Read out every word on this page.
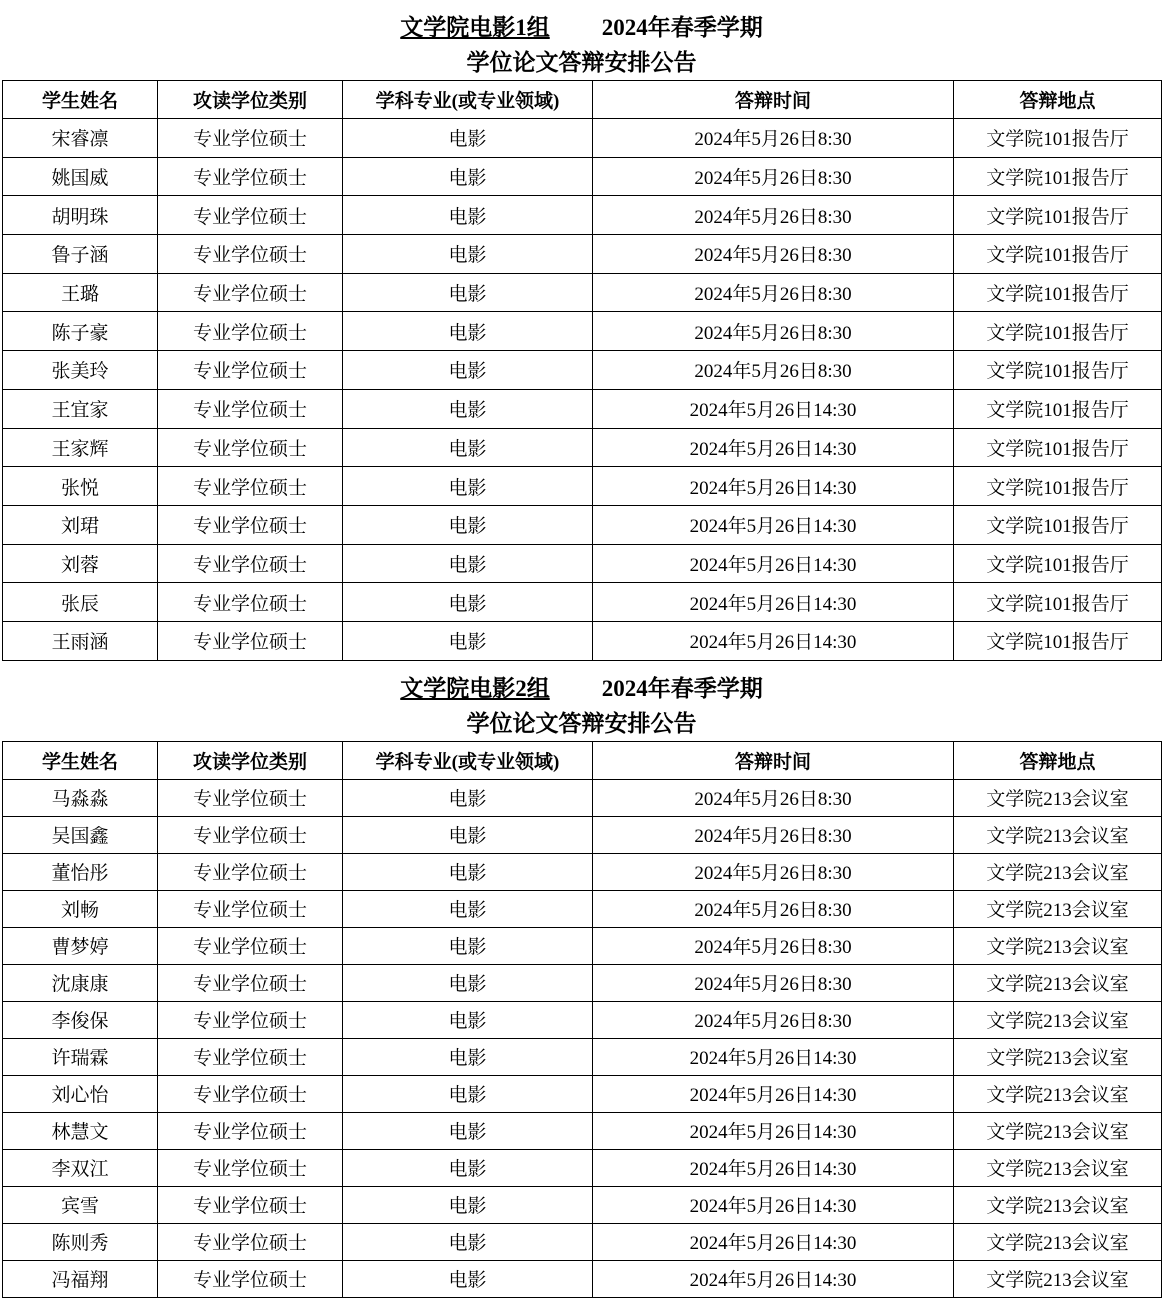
文学院电影1组 2024年春季学期
学位论文答辩安排公告
学生姓名	攻读学位类别	学科专业(或专业领域)	答辩时间	答辩地点
宋睿凛	专业学位硕士	电影	2024年5月26日8:30	文学院101报告厅
姚国威	专业学位硕士	电影	2024年5月26日8:30	文学院101报告厅
胡明珠	专业学位硕士	电影	2024年5月26日8:30	文学院101报告厅
鲁子涵	专业学位硕士	电影	2024年5月26日8:30	文学院101报告厅
王璐	专业学位硕士	电影	2024年5月26日8:30	文学院101报告厅
陈子豪	专业学位硕士	电影	2024年5月26日8:30	文学院101报告厅
张美玲	专业学位硕士	电影	2024年5月26日8:30	文学院101报告厅
王宜家	专业学位硕士	电影	2024年5月26日14:30	文学院101报告厅
王家辉	专业学位硕士	电影	2024年5月26日14:30	文学院101报告厅
张悦	专业学位硕士	电影	2024年5月26日14:30	文学院101报告厅
刘珺	专业学位硕士	电影	2024年5月26日14:30	文学院101报告厅
刘蓉	专业学位硕士	电影	2024年5月26日14:30	文学院101报告厅
张辰	专业学位硕士	电影	2024年5月26日14:30	文学院101报告厅
王雨涵	专业学位硕士	电影	2024年5月26日14:30	文学院101报告厅
文学院电影2组 2024年春季学期
学位论文答辩安排公告
学生姓名	攻读学位类别	学科专业(或专业领域)	答辩时间	答辩地点
马淼淼	专业学位硕士	电影	2024年5月26日8:30	文学院213会议室
吴国鑫	专业学位硕士	电影	2024年5月26日8:30	文学院213会议室
董怡彤	专业学位硕士	电影	2024年5月26日8:30	文学院213会议室
刘畅	专业学位硕士	电影	2024年5月26日8:30	文学院213会议室
曹梦婷	专业学位硕士	电影	2024年5月26日8:30	文学院213会议室
沈康康	专业学位硕士	电影	2024年5月26日8:30	文学院213会议室
李俊保	专业学位硕士	电影	2024年5月26日8:30	文学院213会议室
许瑞霖	专业学位硕士	电影	2024年5月26日14:30	文学院213会议室
刘心怡	专业学位硕士	电影	2024年5月26日14:30	文学院213会议室
林慧文	专业学位硕士	电影	2024年5月26日14:30	文学院213会议室
李双江	专业学位硕士	电影	2024年5月26日14:30	文学院213会议室
宾雪	专业学位硕士	电影	2024年5月26日14:30	文学院213会议室
陈则秀	专业学位硕士	电影	2024年5月26日14:30	文学院213会议室
冯福翔	专业学位硕士	电影	2024年5月26日14:30	文学院213会议室
